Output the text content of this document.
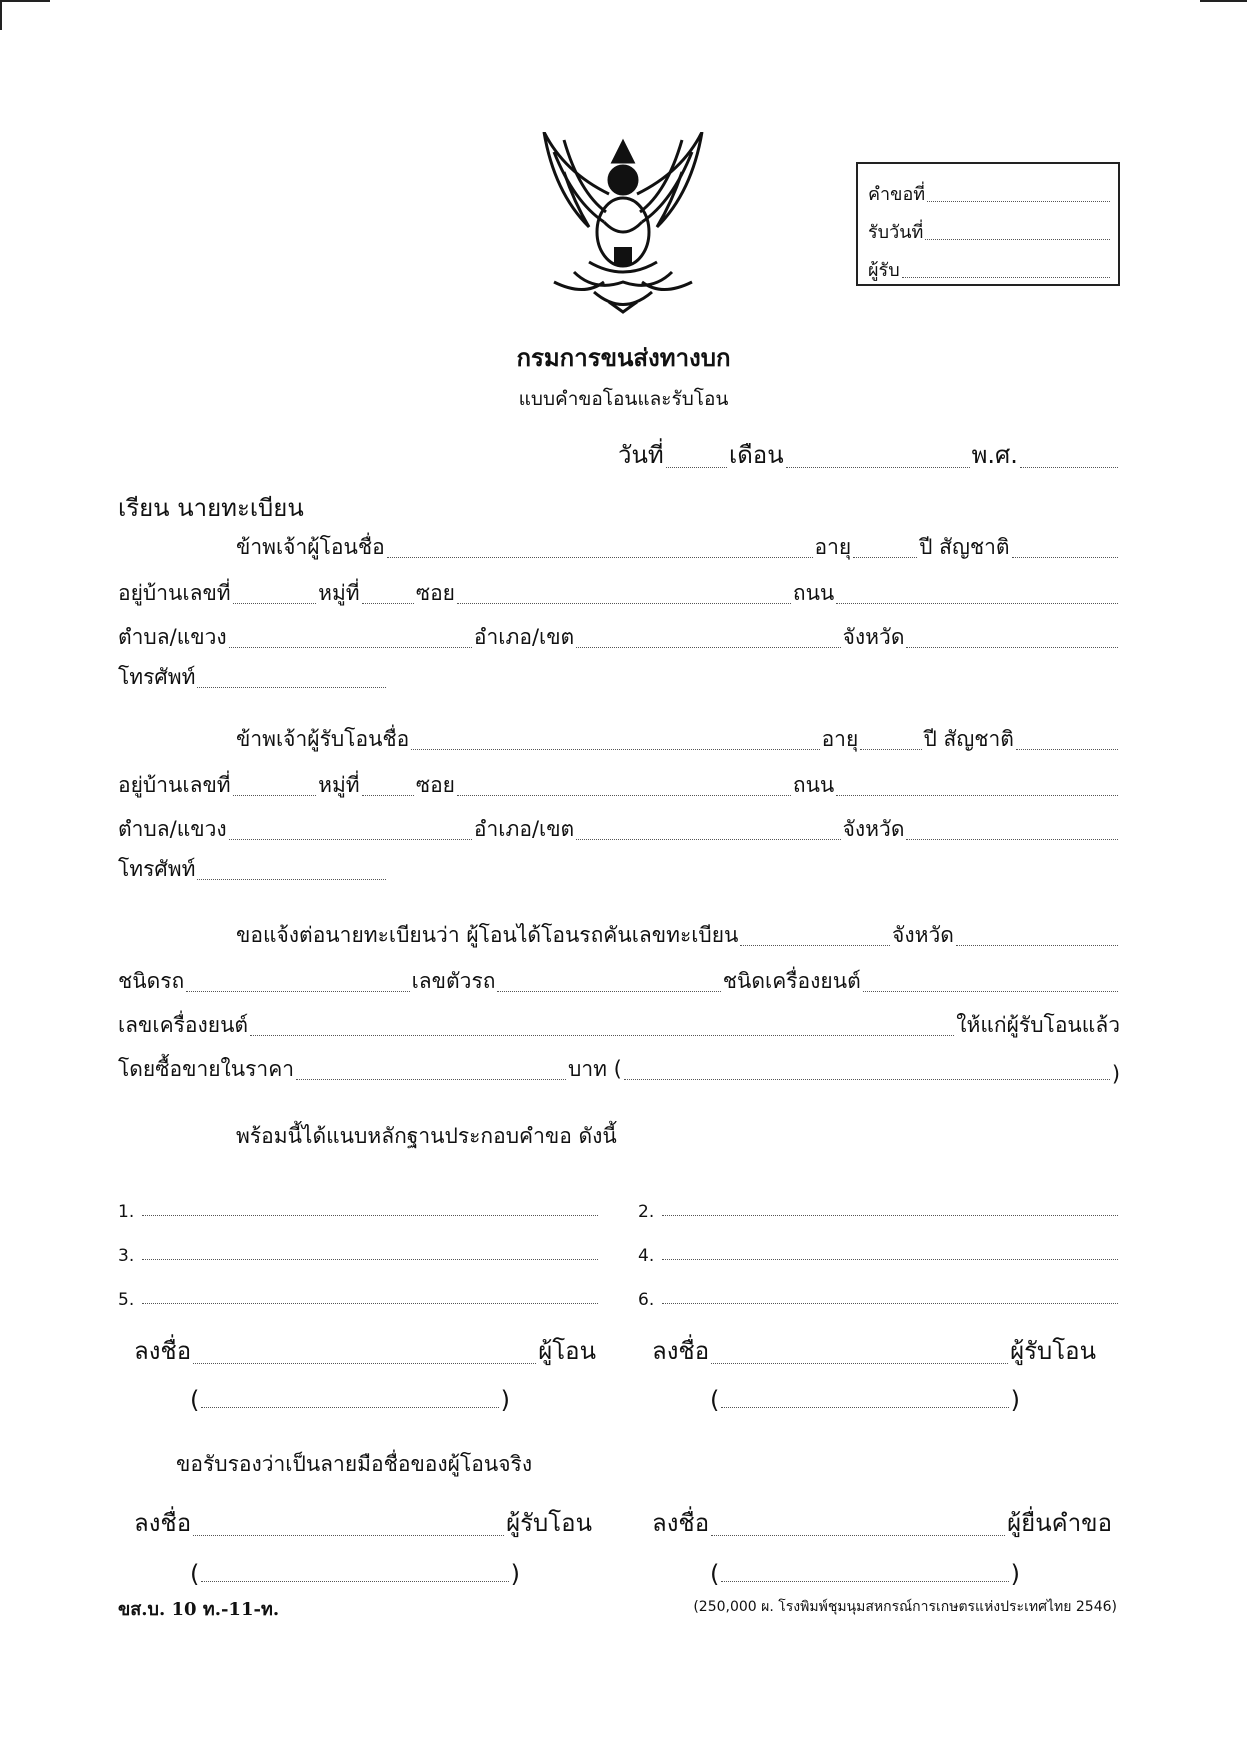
คำขอที่
รับวันที่
ผู้รับ
กรมการขนส่งทางบก
แบบคำขอโอนและรับโอน
วันที่	เดือน	พ.ศ.
เรียน นายทะเบียน
ข้าพเจ้าผู้โอนชื่อ	อายุ	ปี สัญชาติ
อยู่บ้านเลขที่	หมู่ที่	ซอย	ถนน
ตำบล/แขวง	อำเภอ/เขต	จังหวัด
โทรศัพท์
ข้าพเจ้าผู้รับโอนชื่อ	อายุ	ปี สัญชาติ
อยู่บ้านเลขที่	หมู่ที่	ซอย	ถนน
ตำบล/แขวง	อำเภอ/เขต	จังหวัด
โทรศัพท์
ขอแจ้งต่อนายทะเบียนว่า ผู้โอนได้โอนรถคันเลขทะเบียน	จังหวัด
ชนิดรถ	เลขตัวรถ	ชนิดเครื่องยนต์
เลขเครื่องยนต์	ให้แก่ผู้รับโอนแล้ว
โดยซื้อขายในราคา	บาท (	)
พร้อมนี้ได้แนบหลักฐานประกอบคำขอ ดังนี้
1.	2.
3.	4.
5.	6.
ลงชื่อ	ผู้โอน
(	)
ลงชื่อ	ผู้รับโอน
(	)
ขอรับรองว่าเป็นลายมือชื่อของผู้โอนจริง
ลงชื่อ	ผู้รับโอน
(	)
ลงชื่อ	ผู้ยื่นคำขอ
(	)
ขส.บ. 10 ท.-11-ท.	(250,000 ผ. โรงพิมพ์ชุมนุมสหกรณ์การเกษตรแห่งประเทศไทย 2546)
